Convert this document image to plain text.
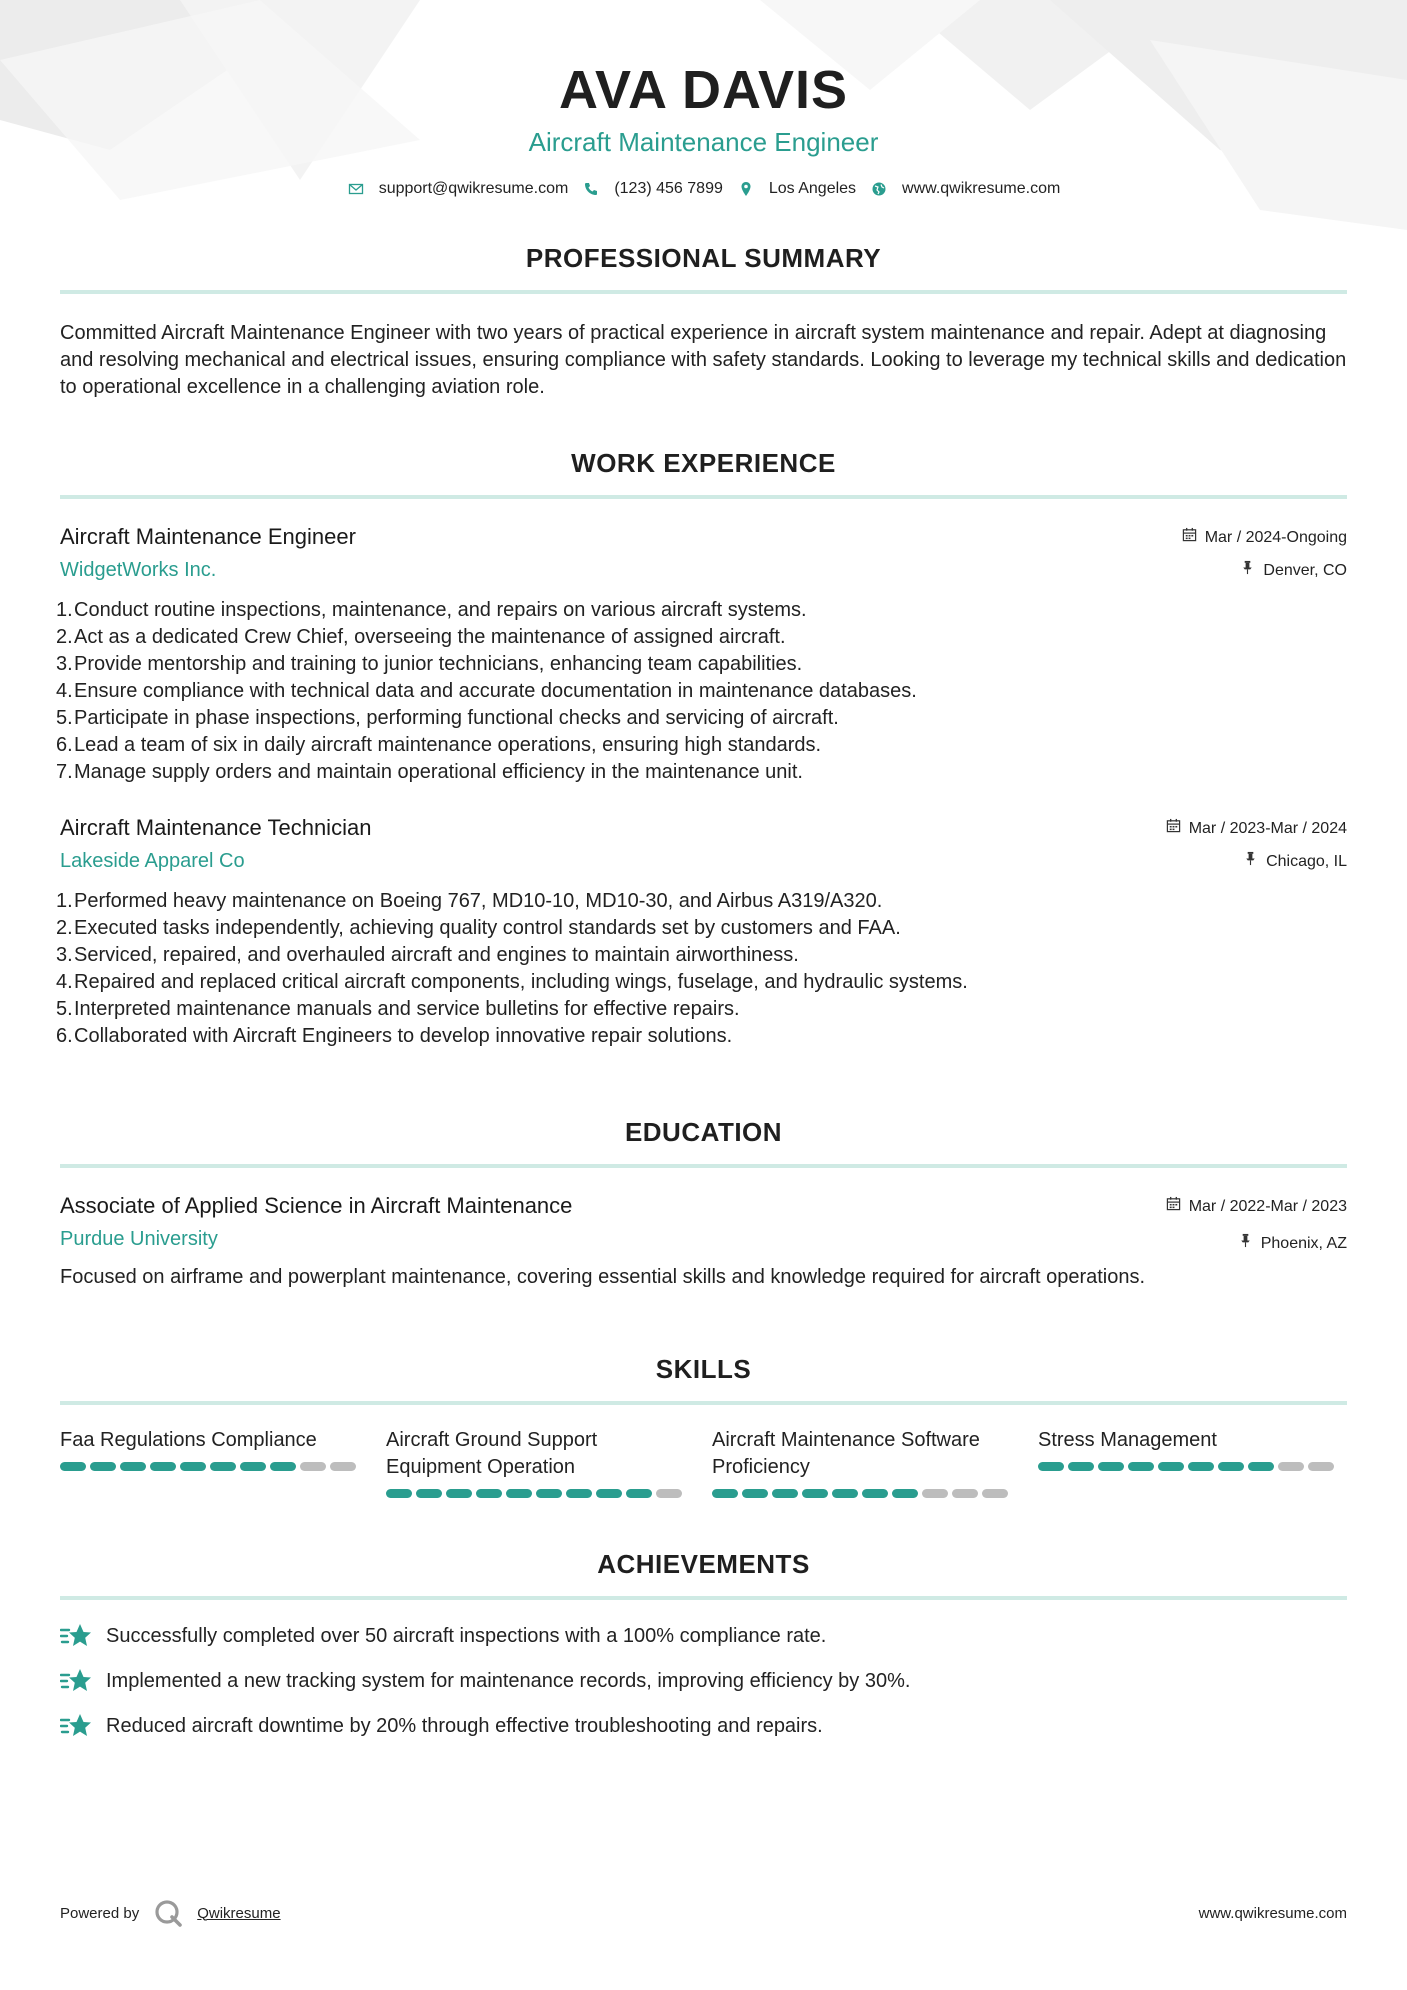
AVA DAVIS
Aircraft Maintenance Engineer
support@qwikresume.com	(123) 456 7899	Los Angeles	www.qwikresume.com
PROFESSIONAL SUMMARY
Committed Aircraft Maintenance Engineer with two years of practical experience in aircraft system maintenance and repair. Adept at diagnosing and resolving mechanical and electrical issues, ensuring compliance with safety standards. Looking to leverage my technical skills and dedication to operational excellence in a challenging aviation role.
WORK EXPERIENCE
Aircraft Maintenance Engineer
WidgetWorks Inc.
Mar / 2024-Ongoing
Denver, CO
1. Conduct routine inspections, maintenance, and repairs on various aircraft systems.
2. Act as a dedicated Crew Chief, overseeing the maintenance of assigned aircraft.
3. Provide mentorship and training to junior technicians, enhancing team capabilities.
4. Ensure compliance with technical data and accurate documentation in maintenance databases.
5. Participate in phase inspections, performing functional checks and servicing of aircraft.
6. Lead a team of six in daily aircraft maintenance operations, ensuring high standards.
7. Manage supply orders and maintain operational efficiency in the maintenance unit.
Aircraft Maintenance Technician
Lakeside Apparel Co
Mar / 2023-Mar / 2024
Chicago, IL
1. Performed heavy maintenance on Boeing 767, MD10-10, MD10-30, and Airbus A319/A320.
2. Executed tasks independently, achieving quality control standards set by customers and FAA.
3. Serviced, repaired, and overhauled aircraft and engines to maintain airworthiness.
4. Repaired and replaced critical aircraft components, including wings, fuselage, and hydraulic systems.
5. Interpreted maintenance manuals and service bulletins for effective repairs.
6. Collaborated with Aircraft Engineers to develop innovative repair solutions.
EDUCATION
Associate of Applied Science in Aircraft Maintenance
Purdue University
Mar / 2022-Mar / 2023
Phoenix, AZ
Focused on airframe and powerplant maintenance, covering essential skills and knowledge required for aircraft operations.
SKILLS
Faa Regulations Compliance	Aircraft Ground Support Equipment Operation
Aircraft Maintenance Software Proficiency
Stress Management
ACHIEVEMENTS
Successfully completed over 50 aircraft inspections with a 100% compliance rate.
Implemented a new tracking system for maintenance records, improving efficiency by 30%.
Reduced aircraft downtime by 20% through effective troubleshooting and repairs.
Powered by	Qwikresume	www.qwikresume.com
